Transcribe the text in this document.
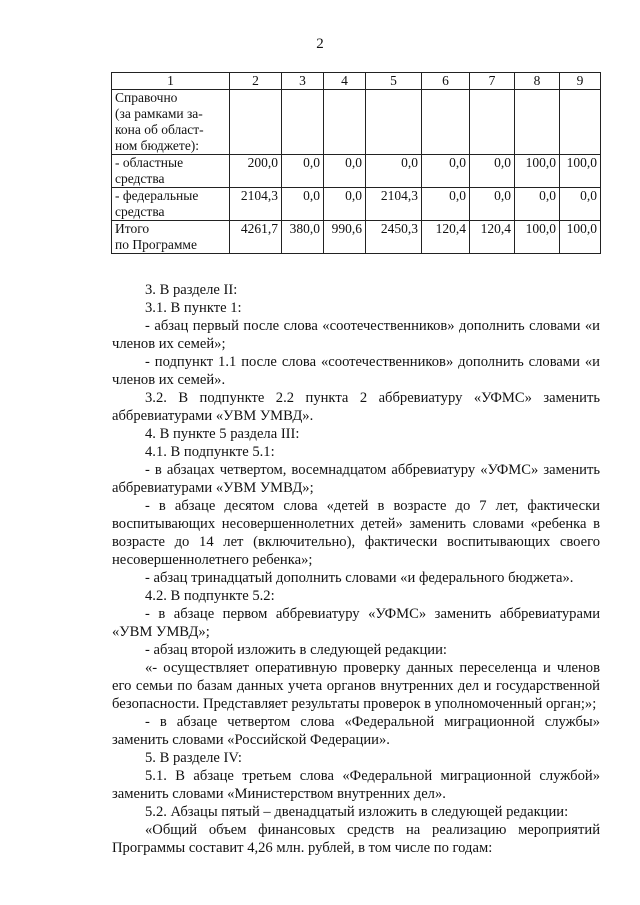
2
1	2	3	4	5	6	7	8	9
Справочно
(за рамками за-
кона об област-
ном бюджете):								
- областные
средства	200,0	0,0	0,0	0,0	0,0	0,0	100,0	100,0
- федеральные
средства	2104,3	0,0	0,0	2104,3	0,0	0,0	0,0	0,0
Итого
по Программе	4261,7	380,0	990,6	2450,3	120,4	120,4	100,0	100,0

3. В разделе II:

3.1. В пункте 1:

- абзац первый после слова «соотечественников» дополнить словами «и членов их семей»;

- подпункт 1.1 после слова «соотечественников» дополнить словами «и членов их семей».

3.2. В подпункте 2.2 пункта 2 аббревиатуру «УФМС» заменить аббревиатурами «УВМ УМВД».

4. В пункте 5 раздела III:

4.1. В подпункте 5.1:

- в абзацах четвертом, восемнадцатом аббревиатуру «УФМС» заменить аббревиатурами «УВМ УМВД»;

- в абзаце десятом слова «детей в возрасте до 7 лет, фактически воспитывающих несовершеннолетних детей» заменить словами «ребенка в возрасте до 14 лет (включительно), фактически воспитывающих своего несовершеннолетнего ребенка»;

- абзац тринадцатый дополнить словами «и федерального бюджета».

4.2. В подпункте 5.2:

- в абзаце первом аббревиатуру «УФМС» заменить аббревиатурами «УВМ УМВД»;

- абзац второй изложить в следующей редакции:

«- осуществляет оперативную проверку данных переселенца и членов его семьи по базам данных учета органов внутренних дел и государственной безопасности. Представляет результаты проверок в уполномоченный орган;»;

- в абзаце четвертом слова «Федеральной миграционной службы» заменить словами «Российской Федерации».

5. В разделе IV:

5.1. В абзаце третьем слова «Федеральной миграционной службой» заменить словами «Министерством внутренних дел».

5.2. Абзацы пятый – двенадцатый изложить в следующей редакции:

«Общий объем финансовых средств на реализацию мероприятий Программы составит 4,26 млн. рублей, в том числе по годам:
